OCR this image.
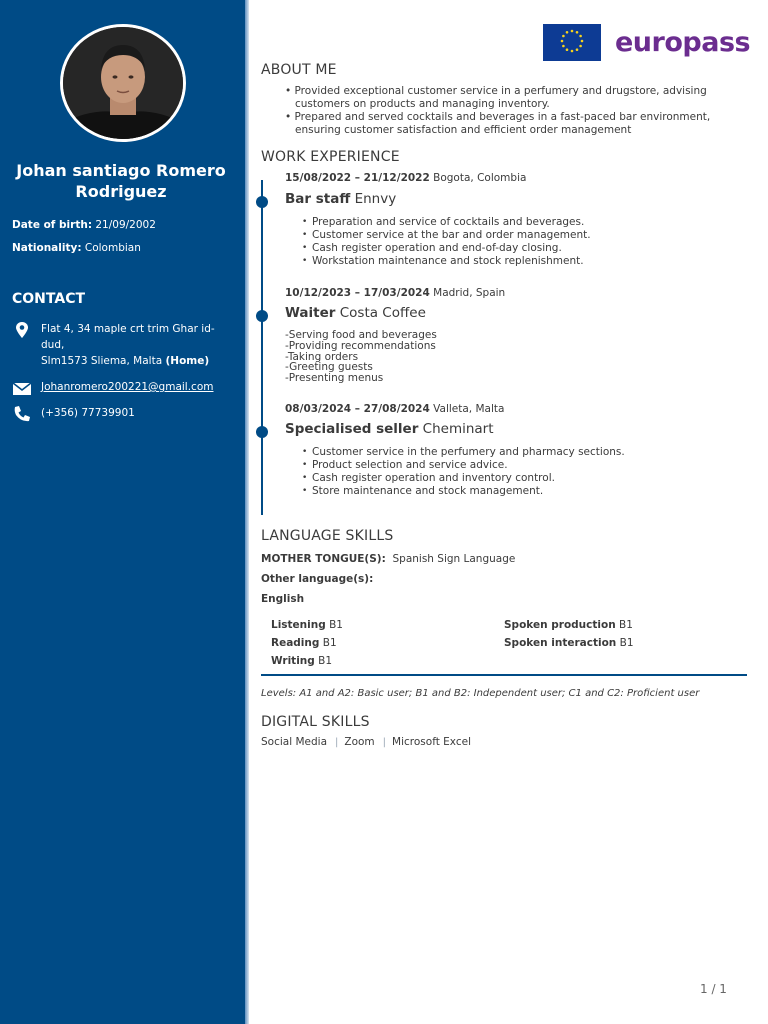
Johan santiago Romero Rodriguez
Date of birth: 21/09/2002
Nationality: Colombian
CONTACT
Flat 4, 34 maple crt trim Ghar id-dud,
Slm1573 Sliema, Malta (Home)
Johanromero200221@gmail.com
(+356) 77739901
europass
ABOUT ME
• Provided exceptional customer service in a perfumery and drugstore, advising customers on products and managing inventory.
• Prepared and served cocktails and beverages in a fast-paced bar environment, ensuring customer satisfaction and efficient order management
WORK EXPERIENCE
15/08/2022 – 21/12/2022 Bogota, Colombia
Bar staff Ennvy
• Preparation and service of cocktails and beverages.
• Customer service at the bar and order management.
• Cash register operation and end-of-day closing.
• Workstation maintenance and stock replenishment.
10/12/2023 – 17/03/2024 Madrid, Spain
Waiter Costa Coffee
-Serving food and beverages
-Providing recommendations
-Taking orders
-Greeting guests
-Presenting menus
08/03/2024 – 27/08/2024 Valleta, Malta
Specialised seller Cheminart
• Customer service in the perfumery and pharmacy sections.
• Product selection and service advice.
• Cash register operation and inventory control.
• Store maintenance and stock management.
LANGUAGE SKILLS
MOTHER TONGUE(S): Spanish Sign Language
Other language(s):
English
Listening B1
Reading B1
Writing B1
Spoken production B1
Spoken interaction B1
Levels: A1 and A2: Basic user; B1 and B2: Independent user; C1 and C2: Proficient user
DIGITAL SKILLS
Social Media | Zoom | Microsoft Excel
1 / 1
